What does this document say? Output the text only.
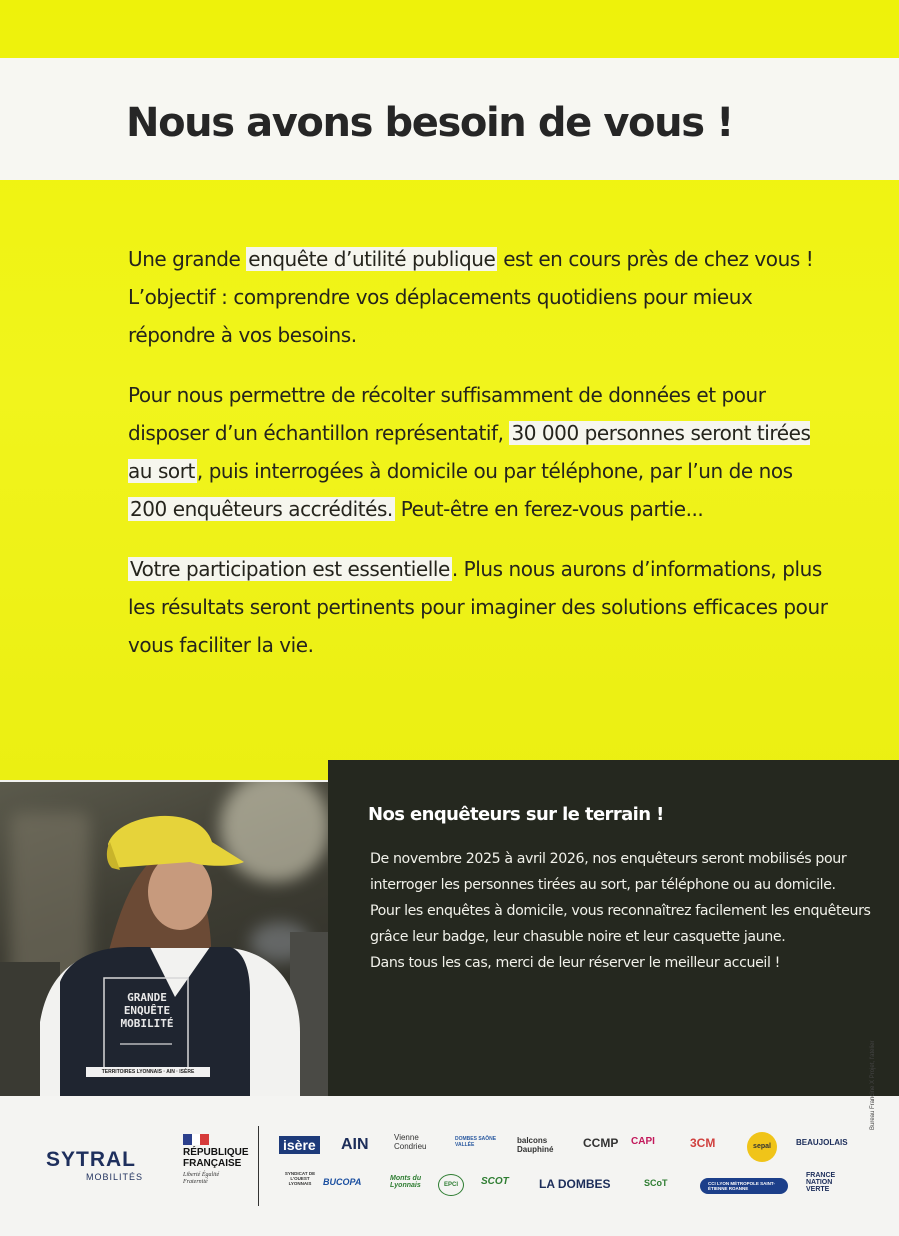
Nous avons besoin de vous !

Une grande enquête d’utilité publique est en cours près de chez vous ! L’objectif : comprendre vos déplacements quotidiens pour mieux répondre à vos besoins.

Pour nous permettre de récolter suffisamment de données et pour disposer d’un échantillon représentatif, 30 000 personnes seront tirées au sort , puis interrogées à domicile ou par téléphone, par l’un de nos 200 enquêteurs accrédités. Peut-être en ferez-vous partie...

Votre participation est essentielle . Plus nous aurons d’informations, plus les résultats seront pertinents pour imaginer des solutions efficaces pour vous faciliter la vie.

GRANDE
ENQUÊTE
MOBILITÉ
TERRITOIRES LYONNAIS · AIN · ISÈRE
Nos enquêteurs sur le terrain !

De novembre 2025 à avril 2026, nos enquêteurs seront mobilisés pour interroger les personnes tirées au sort, par téléphone ou au domicile.

Pour les enquêtes à domicile, vous reconnaîtrez facilement les enquêteurs grâce leur badge, leur chasuble noire et leur casquette jaune.

Dans tous les cas, merci de leur réserver le meilleur accueil !

SYTRAL
MOBILITÉS
RÉPUBLIQUE
FRANÇAISE
Liberté Égalité Fraternité
isère AIN	Vienne Condrieu
DOMBES SAÔNE VALLÉE	balcons Dauphiné	CCMP CAPI	3CM	sepal	BEAUJOLAIS
SYNDICAT DE L'OUEST LYONNAIS	BUCOPA	Monts du Lyonnais	EPCI	SCOT	LA DOMBES	SCoT	CCI LYON MÉTROPOLE SAINT-ÉTIENNE ROANNE
FRANCE NATION VERTE
Bureau Francine X Projet, l'atelier
